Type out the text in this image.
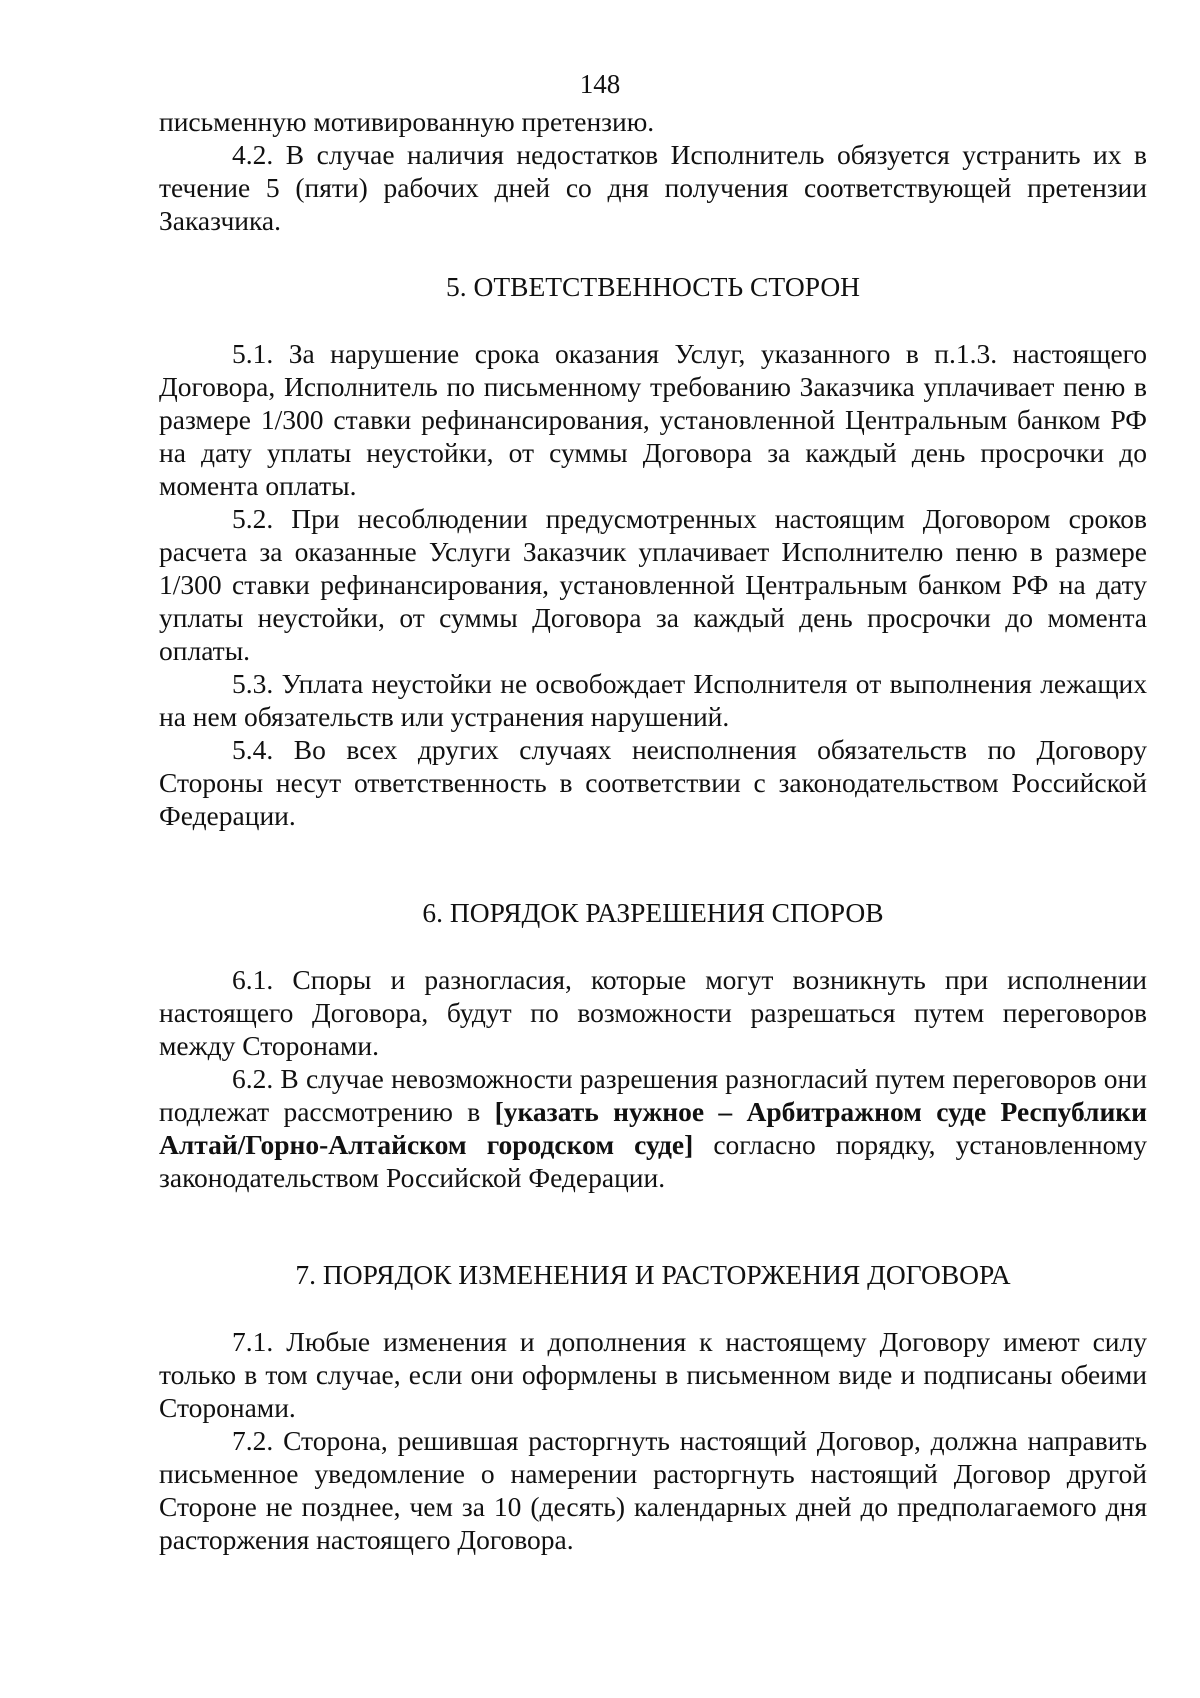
148

письменную мотивированную претензию.

4.2. В случае наличия недостатков Исполнитель обязуется устранить их в течение 5 (пяти) рабочих дней со дня получения соответствующей претензии Заказчика.

5. ОТВЕТСТВЕННОСТЬ СТОРОН

5.1. За нарушение срока оказания Услуг, указанного в п.1.3. настоящего Договора, Исполнитель по письменному требованию Заказчика уплачивает пеню в размере 1/300 ставки рефинансирования, установленной Центральным банком РФ на дату уплаты неустойки, от суммы Договора за каждый день просрочки до момента оплаты.

5.2. При несоблюдении предусмотренных настоящим Договором сроков расчета за оказанные Услуги Заказчик уплачивает Исполнителю пеню в размере 1/300 ставки рефинансирования, установленной Центральным банком РФ на дату уплаты неустойки, от суммы Договора за каждый день просрочки до момента оплаты.

5.3. Уплата неустойки не освобождает Исполнителя от выполнения лежащих на нем обязательств или устранения нарушений.

5.4. Во всех других случаях неисполнения обязательств по Договору Стороны несут ответственность в соответствии с законодательством Российской Федерации.

6. ПОРЯДОК РАЗРЕШЕНИЯ СПОРОВ

6.1. Споры и разногласия, которые могут возникнуть при исполнении настоящего Договора, будут по возможности разрешаться путем переговоров между Сторонами.

6.2. В случае невозможности разрешения разногласий путем переговоров они подлежат рассмотрению в [указать нужное – Арбитражном суде Республики Алтай/Горно-Алтайском городском суде] согласно порядку, установленному законодательством Российской Федерации.

7. ПОРЯДОК ИЗМЕНЕНИЯ И РАСТОРЖЕНИЯ ДОГОВОРА

7.1. Любые изменения и дополнения к настоящему Договору имеют силу только в том случае, если они оформлены в письменном виде и подписаны обеими Сторонами.

7.2. Сторона, решившая расторгнуть настоящий Договор, должна направить письменное уведомление о намерении расторгнуть настоящий Договор другой Стороне не позднее, чем за 10 (десять) календарных дней до предполагаемого дня расторжения настоящего Договора.
